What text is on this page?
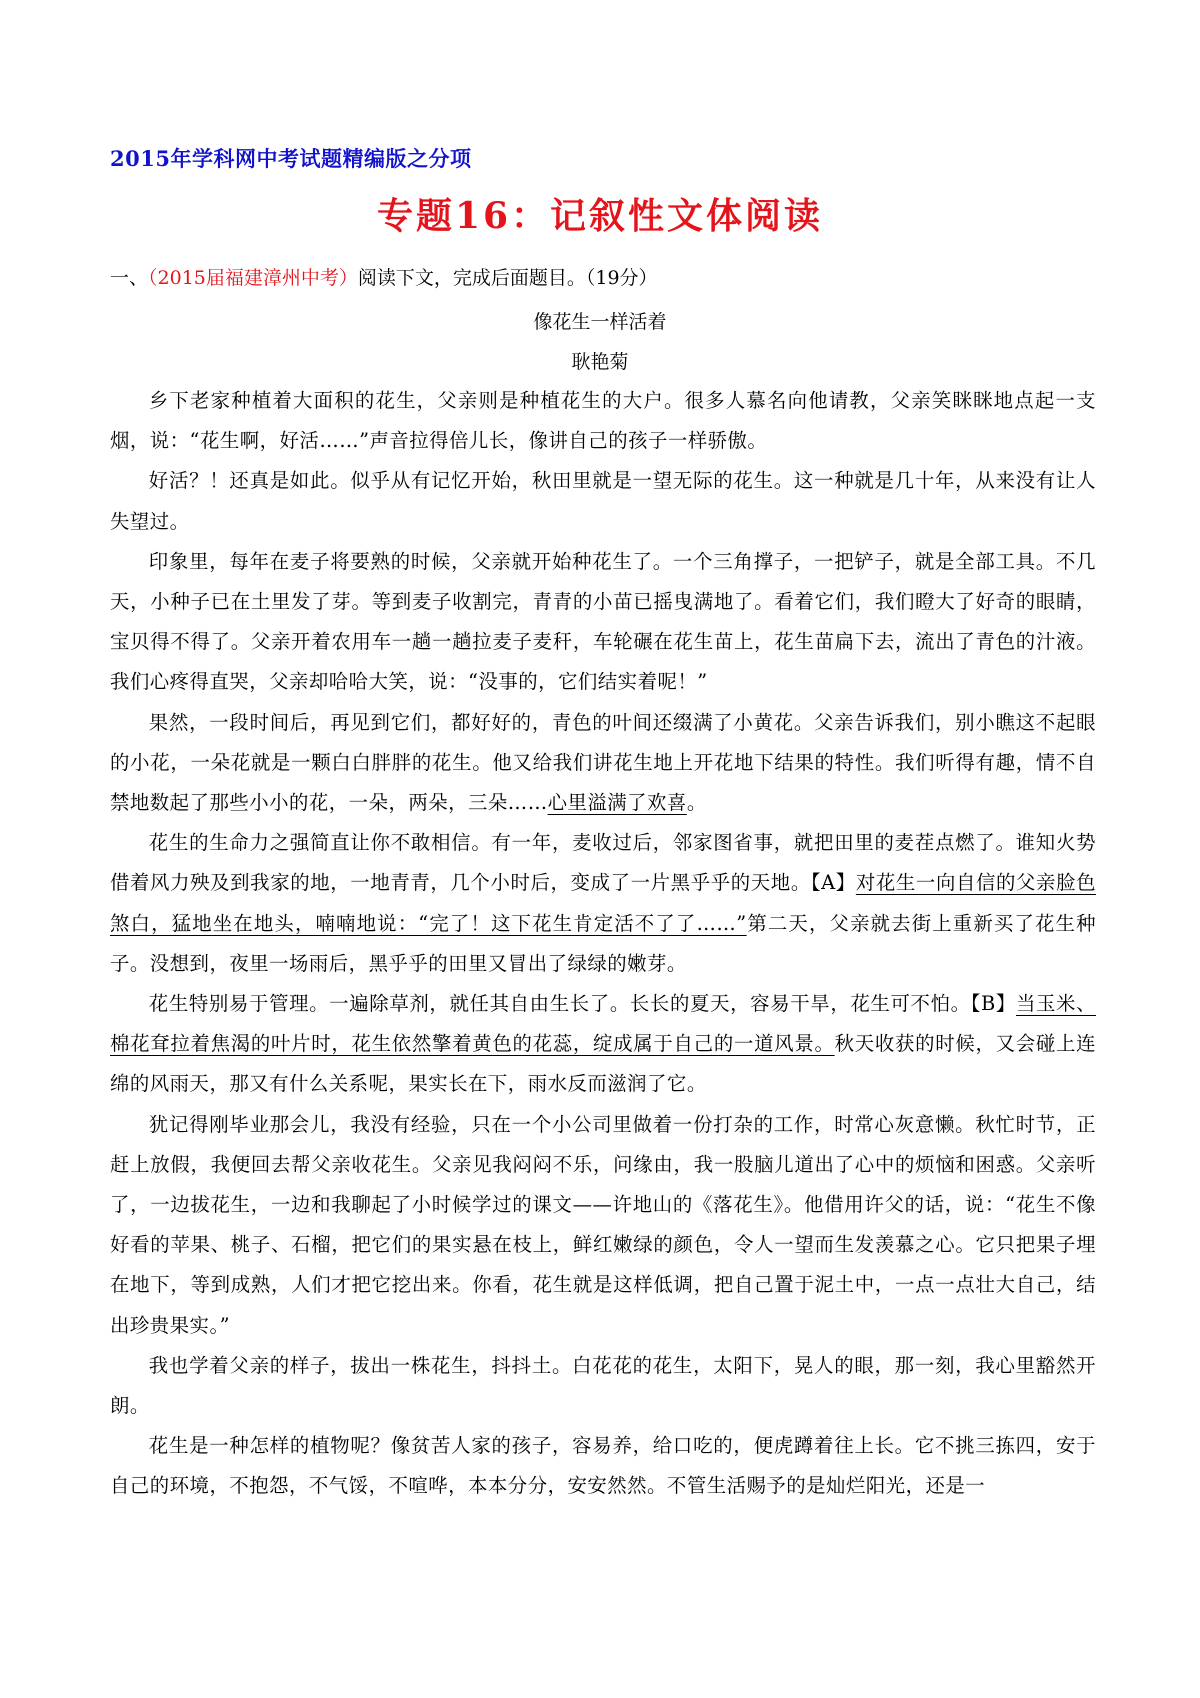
2015年学科网中考试题精编版之分项
专题16：记叙性文体阅读
一、（2015届福建漳州中考）阅读下文，完成后面题目。（19分）
像花生一样活着
耿艳菊

乡下老家种植着大面积的花生，父亲则是种植花生的大户。很多人慕名向他请教，父亲笑眯眯地点起一支烟，说：“花生啊，好活……”声音拉得倍儿长，像讲自己的孩子一样骄傲。

好活？！还真是如此。似乎从有记忆开始，秋田里就是一望无际的花生。这一种就是几十年，从来没有让人失望过。

印象里，每年在麦子将要熟的时候，父亲就开始种花生了。一个三角撑子，一把铲子，就是全部工具。不几天，小种子已在土里发了芽。等到麦子收割完，青青的小苗已摇曳满地了。看着它们，我们瞪大了好奇的眼睛，宝贝得不得了。父亲开着农用车一趟一趟拉麦子麦秆，车轮碾在花生苗上，花生苗扁下去，流出了青色的汁液。我们心疼得直哭，父亲却哈哈大笑，说：“没事的，它们结实着呢！”

果然，一段时间后，再见到它们，都好好的，青色的叶间还缀满了小黄花。父亲告诉我们，别小瞧这不起眼的小花，一朵花就是一颗白白胖胖的花生。他又给我们讲花生地上开花地下结果的特性。我们听得有趣，情不自禁地数起了那些小小的花，一朵，两朵，三朵……心里溢满了欢喜。

花生的生命力之强简直让你不敢相信。有一年，麦收过后，邻家图省事，就把田里的麦茬点燃了。谁知火势借着风力殃及到我家的地，一地青青，几个小时后，变成了一片黑乎乎的天地。【A】对花生一向自信的父亲脸色煞白，猛地坐在地头，喃喃地说：“完了！这下花生肯定活不了了……”第二天，父亲就去街上重新买了花生种子。没想到，夜里一场雨后，黑乎乎的田里又冒出了绿绿的嫩芽。

花生特别易于管理。一遍除草剂，就任其自由生长了。长长的夏天，容易干旱，花生可不怕。【B】当玉米、棉花耷拉着焦渴的叶片时，花生依然擎着黄色的花蕊，绽成属于自己的一道风景。秋天收获的时候，又会碰上连绵的风雨天，那又有什么关系呢，果实长在下，雨水反而滋润了它。

犹记得刚毕业那会儿，我没有经验，只在一个小公司里做着一份打杂的工作，时常心灰意懒。秋忙时节，正赶上放假，我便回去帮父亲收花生。父亲见我闷闷不乐，问缘由，我一股脑儿道出了心中的烦恼和困惑。父亲听了，一边拔花生，一边和我聊起了小时候学过的课文——许地山的《落花生》。他借用许父的话，说：“花生不像好看的苹果、桃子、石榴，把它们的果实悬在枝上，鲜红嫩绿的颜色，令人一望而生发羡慕之心。它只把果子埋在地下，等到成熟，人们才把它挖出来。你看，花生就是这样低调，把自己置于泥土中，一点一点壮大自己，结出珍贵果实。”

我也学着父亲的样子，拔出一株花生，抖抖土。白花花的花生，太阳下，晃人的眼，那一刻，我心里豁然开朗。

花生是一种怎样的植物呢？像贫苦人家的孩子，容易养，给口吃的，便虎蹲着往上长。它不挑三拣四，安于自己的环境，不抱怨，不气馁，不喧哗，本本分分，安安然然。不管生活赐予的是灿烂阳光，还是一
